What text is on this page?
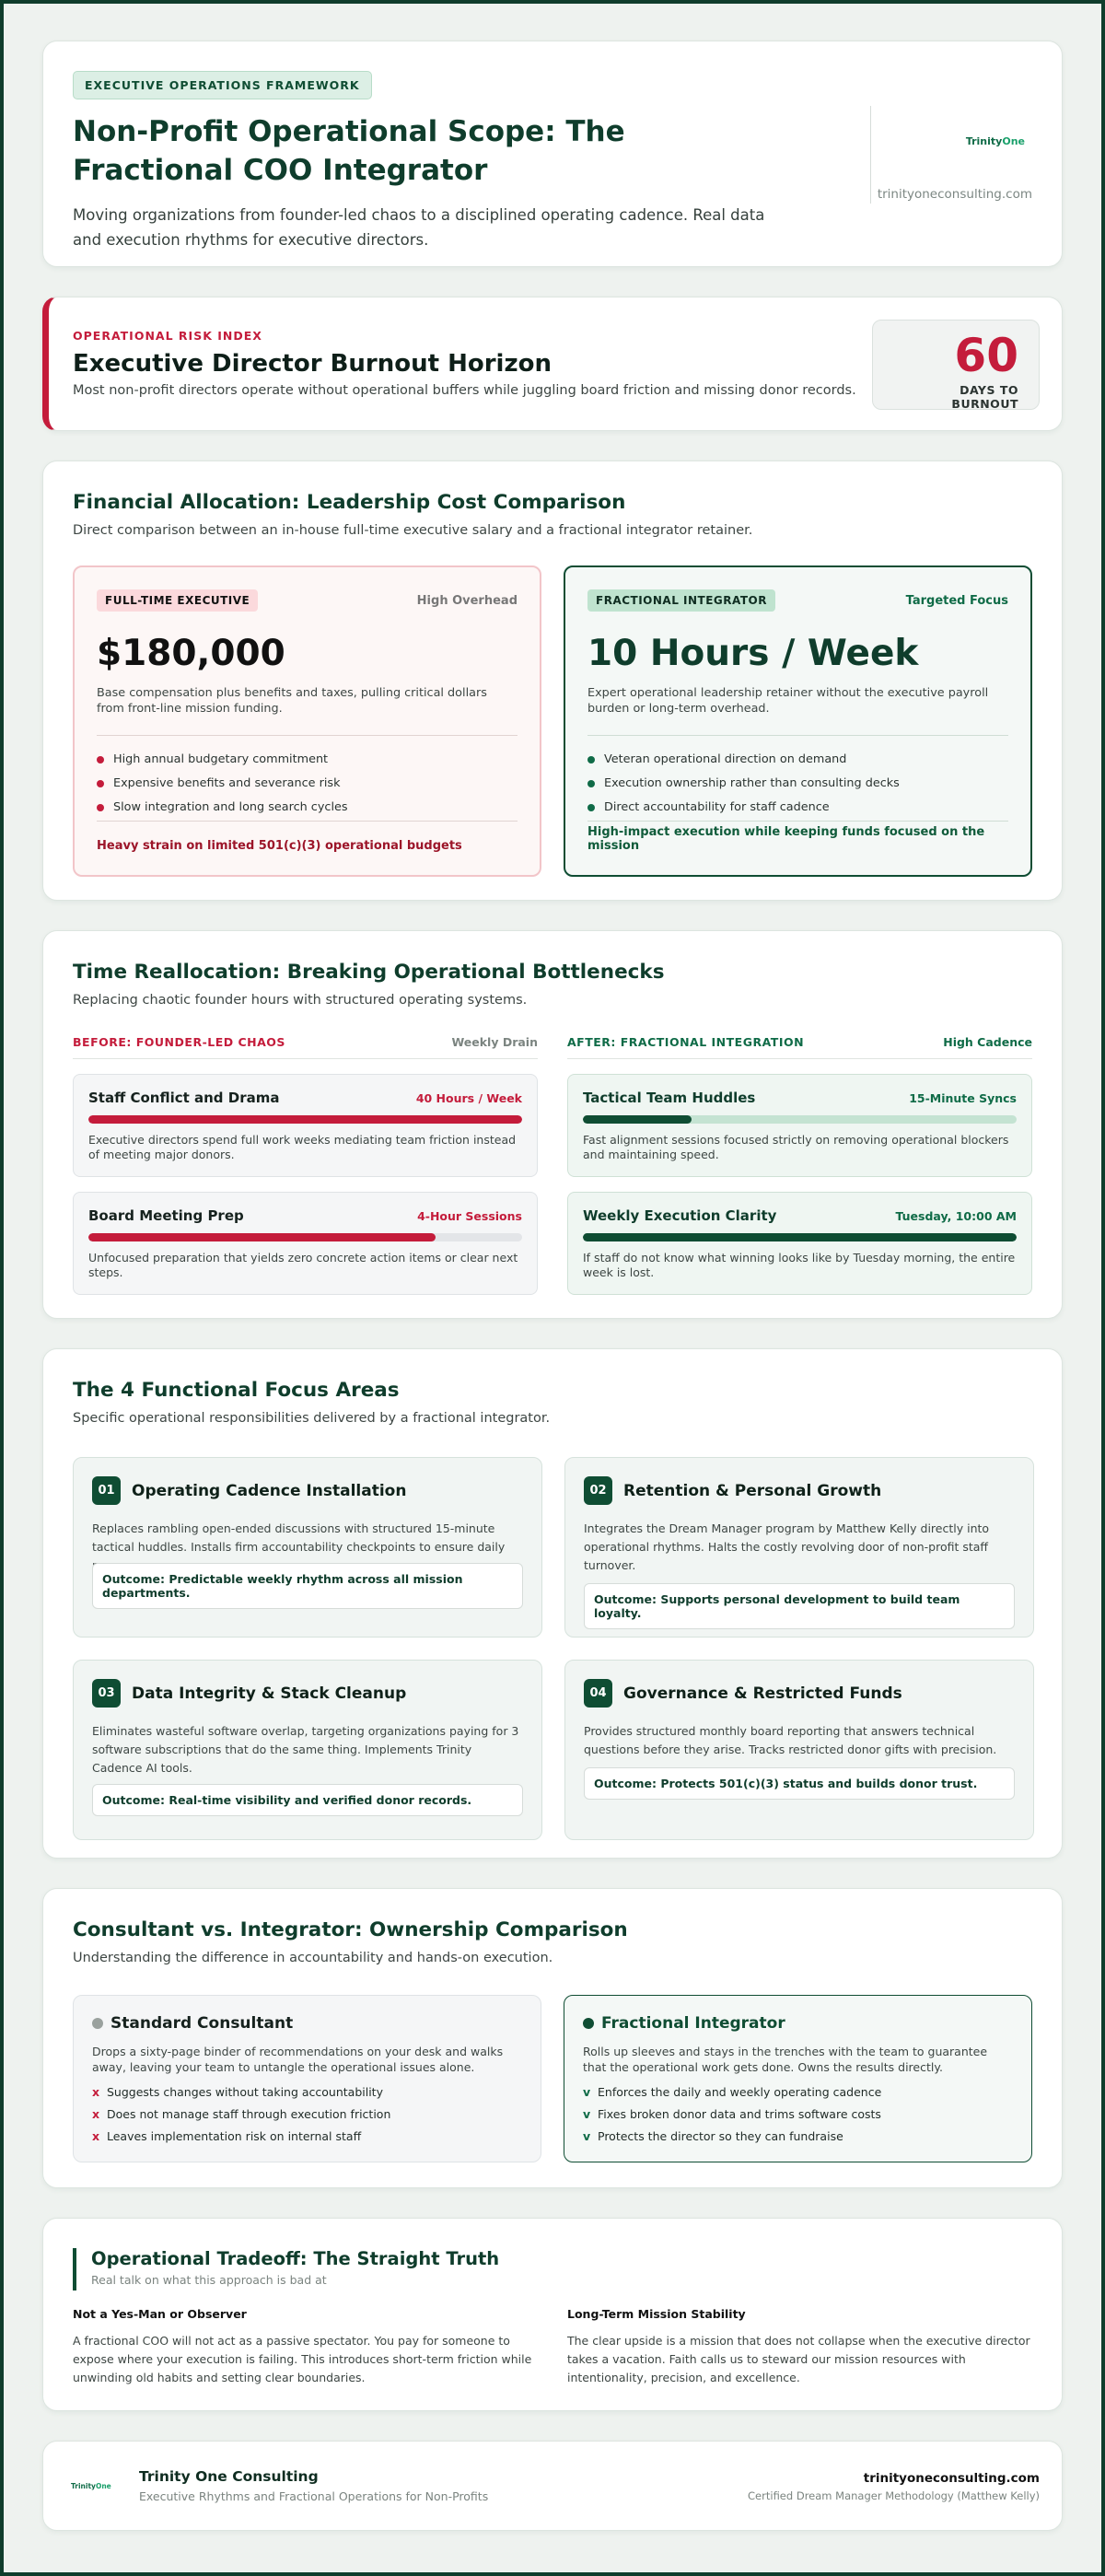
EXECUTIVE OPERATIONS FRAMEWORK
Non-Profit Operational Scope: The Fractional COO Integrator

Moving organizations from founder-led chaos to a disciplined operating cadence. Real data and execution rhythms for executive directors.

TrinityOne
trinityoneconsulting.com
OPERATIONAL RISK INDEX
Executive Director Burnout Horizon

Most non-profit directors operate without operational buffers while juggling board friction and missing donor records.

60
DAYS TO BURNOUT
Financial Allocation: Leadership Cost Comparison
Direct comparison between an in-house full-time executive salary and a fractional integrator retainer.
FULL-TIME EXECUTIVE	High Overhead
$180,000
Base compensation plus benefits and taxes, pulling critical dollars from front-line mission funding.
High annual budgetary commitment
Expensive benefits and severance risk
Slow integration and long search cycles
Heavy strain on limited 501(c)(3) operational budgets
FRACTIONAL INTEGRATOR	Targeted Focus
10 Hours / Week
Expert operational leadership retainer without the executive payroll burden or long-term overhead.
Veteran operational direction on demand
Execution ownership rather than consulting decks
Direct accountability for staff cadence
High-impact execution while keeping funds focused on the mission
Time Reallocation: Breaking Operational Bottlenecks
Replacing chaotic founder hours with structured operating systems.
BEFORE: FOUNDER-LED CHAOS	Weekly Drain
Staff Conflict and Drama	40 Hours / Week
Executive directors spend full work weeks mediating team friction instead of meeting major donors.
Board Meeting Prep	4-Hour Sessions
Unfocused preparation that yields zero concrete action items or clear next steps.
AFTER: FRACTIONAL INTEGRATION	High Cadence
Tactical Team Huddles	15-Minute Syncs
Fast alignment sessions focused strictly on removing operational blockers and maintaining speed.
Weekly Execution Clarity	Tuesday, 10:00 AM
If staff do not know what winning looks like by Tuesday morning, the entire week is lost.
The 4 Functional Focus Areas
Specific operational responsibilities delivered by a fractional integrator.
01	Operating Cadence Installation
Replaces rambling open-ended discussions with structured 15-minute tactical huddles. Installs firm accountability checkpoints to ensure daily
Outcome: Predictable weekly rhythm across all mission departments.
02	Retention & Personal Growth
Integrates the Dream Manager program by Matthew Kelly directly into operational rhythms. Halts the costly revolving door of non-profit staff turnover.
Outcome: Supports personal development to build team loyalty.
03	Data Integrity & Stack Cleanup
Eliminates wasteful software overlap, targeting organizations paying for 3 software subscriptions that do the same thing. Implements Trinity Cadence AI tools.
Outcome: Real-time visibility and verified donor records.
04	Governance & Restricted Funds
Provides structured monthly board reporting that answers technical questions before they arise. Tracks restricted donor gifts with precision.
Outcome: Protects 501(c)(3) status and builds donor trust.
Consultant vs. Integrator: Ownership Comparison
Understanding the difference in accountability and hands-on execution.
Standard Consultant
Drops a sixty-page binder of recommendations on your desk and walks away, leaving your team to untangle the operational issues alone.
x Suggests changes without taking accountability
x Does not manage staff through execution friction
x Leaves implementation risk on internal staff
Fractional Integrator
Rolls up sleeves and stays in the trenches with the team to guarantee that the operational work gets done. Owns the results directly.
v Enforces the daily and weekly operating cadence
v Fixes broken donor data and trims software costs
v Protects the director so they can fundraise
Operational Tradeoff: The Straight Truth
Real talk on what this approach is bad at
Not a Yes-Man or Observer

A fractional COO will not act as a passive spectator. You pay for someone to expose where your execution is failing. This introduces short-term friction while unwinding old habits and setting clear boundaries.

Long-Term Mission Stability

The clear upside is a mission that does not collapse when the executive director takes a vacation. Faith calls us to steward our mission resources with intentionality, precision, and excellence.

TrinityOne
Trinity One Consulting
Executive Rhythms and Fractional Operations for Non-Profits
trinityoneconsulting.com
Certified Dream Manager Methodology (Matthew Kelly)
